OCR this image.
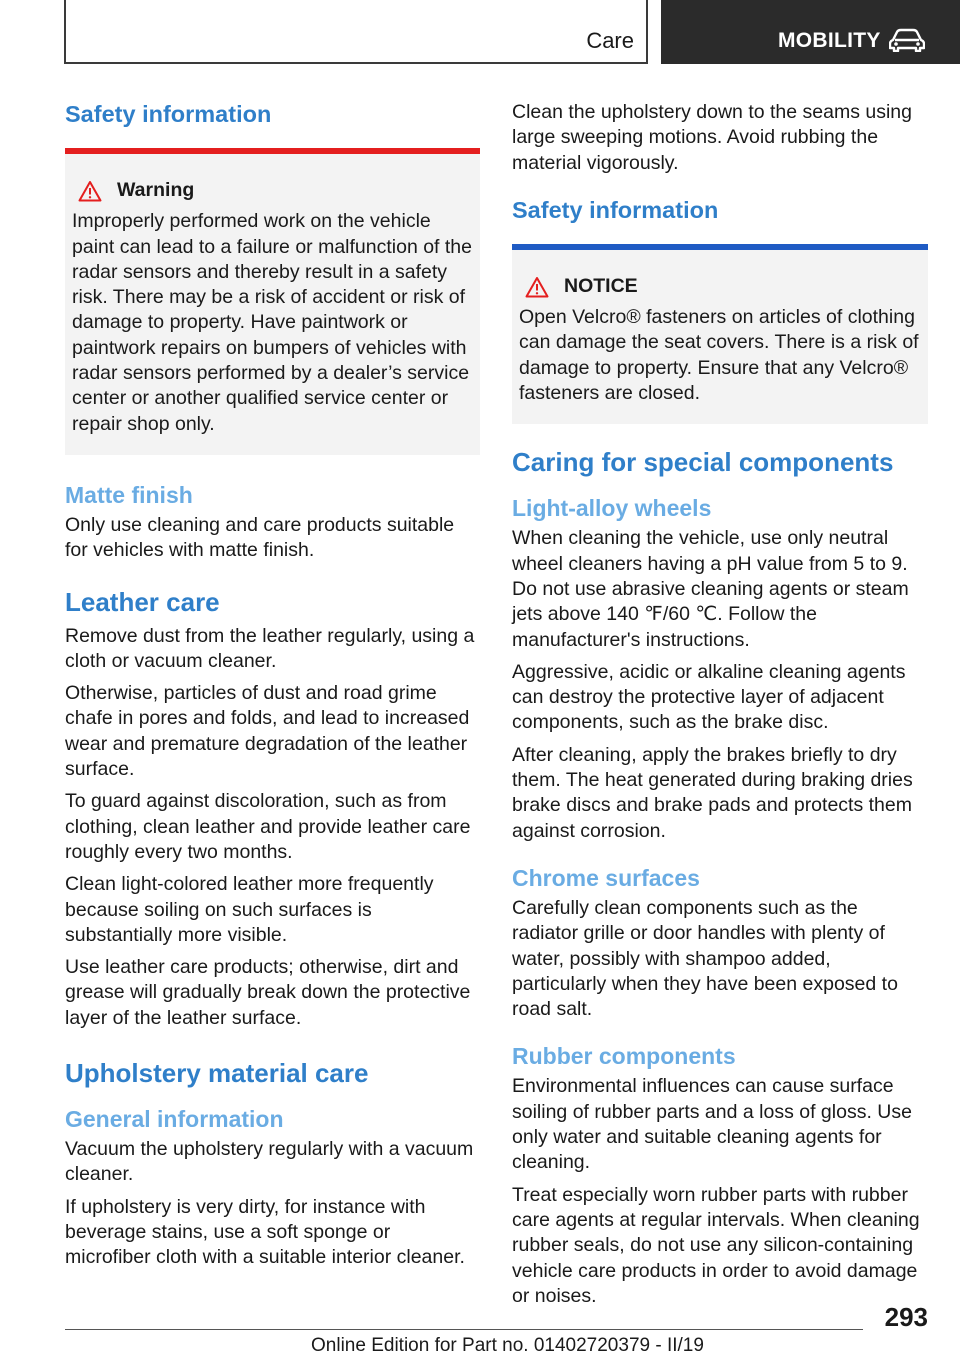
Care	MOBILITY
Safety information
Warning

Improperly performed work on the vehicle paint can lead to a failure or malfunction of the radar sensors and thereby result in a safety risk. There may be a risk of accident or risk of damage to property. Have paintwork or paintwork repairs on bumpers of vehicles with radar sensors performed by a dealer’s service center or another qualified service center or repair shop only.

Matte finish

Only use cleaning and care products suitable for vehicles with matte finish.

Leather care

Remove dust from the leather regularly, using a cloth or vacuum cleaner.

Otherwise, particles of dust and road grime chafe in pores and folds, and lead to increased wear and premature degradation of the leather surface.

To guard against discoloration, such as from clothing, clean leather and provide leather care roughly every two months.

Clean light-colored leather more frequently because soiling on such surfaces is substantially more visible.

Use leather care products; otherwise, dirt and grease will gradually break down the protective layer of the leather surface.

Upholstery material care
General information

Vacuum the upholstery regularly with a vacuum cleaner.

If upholstery is very dirty, for instance with beverage stains, use a soft sponge or microfiber cloth with a suitable interior cleaner.

Clean the upholstery down to the seams using large sweeping motions. Avoid rubbing the material vigorously.

Safety information
NOTICE

Open Velcro® fasteners on articles of clothing can damage the seat covers. There is a risk of damage to property. Ensure that any Velcro® fasteners are closed.

Caring for special components
Light-alloy wheels

When cleaning the vehicle, use only neutral wheel cleaners having a pH value from 5 to 9. Do not use abrasive cleaning agents or steam jets above 140 ℉/60 ℃. Follow the manufacturer's instructions.

Aggressive, acidic or alkaline cleaning agents can destroy the protective layer of adjacent components, such as the brake disc.

After cleaning, apply the brakes briefly to dry them. The heat generated during braking dries brake discs and brake pads and protects them against corrosion.

Chrome surfaces

Carefully clean components such as the radiator grille or door handles with plenty of water, possibly with shampoo added, particularly when they have been exposed to road salt.

Rubber components

Environmental influences can cause surface soiling of rubber parts and a loss of gloss. Use only water and suitable cleaning agents for cleaning.

Treat especially worn rubber parts with rubber care agents at regular intervals. When cleaning rubber seals, do not use any silicon-containing vehicle care products in order to avoid damage or noises.

293
Online Edition for Part no. 01402720379 - II/19
